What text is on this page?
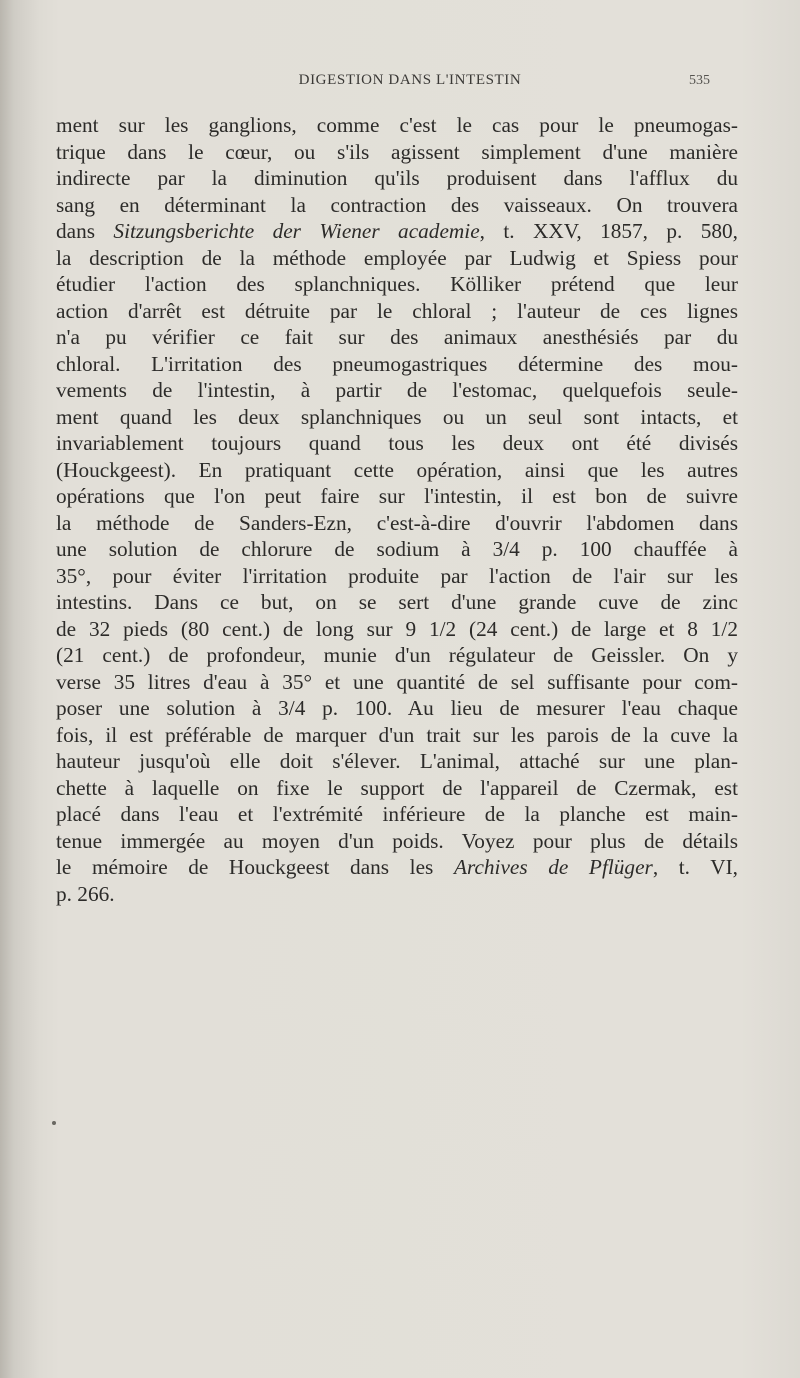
DIGESTION DANS L'INTESTIN	535
ment sur les ganglions, comme c'est le cas pour le pneumogas-
trique dans le cœur, ou s'ils agissent simplement d'une manière
indirecte par la diminution qu'ils produisent dans l'afflux du
sang en déterminant la contraction des vaisseaux. On trouvera
dans Sitzungsberichte der Wiener academie, t. XXV, 1857, p. 580,
la description de la méthode employée par Ludwig et Spiess pour
étudier l'action des splanchniques. Kölliker prétend que leur
action d'arrêt est détruite par le chloral ; l'auteur de ces lignes
n'a pu vérifier ce fait sur des animaux anesthésiés par du
chloral. L'irritation des pneumogastriques détermine des mou-
vements de l'intestin, à partir de l'estomac, quelquefois seule-
ment quand les deux splanchniques ou un seul sont intacts, et
invariablement toujours quand tous les deux ont été divisés
(Houckgeest). En pratiquant cette opération, ainsi que les autres
opérations que l'on peut faire sur l'intestin, il est bon de suivre
la méthode de Sanders-Ezn, c'est-à-dire d'ouvrir l'abdomen dans
une solution de chlorure de sodium à 3/4 p. 100 chauffée à
35°, pour éviter l'irritation produite par l'action de l'air sur les
intestins. Dans ce but, on se sert d'une grande cuve de zinc
de 32 pieds (80 cent.) de long sur 9 1/2 (24 cent.) de large et 8 1/2
(21 cent.) de profondeur, munie d'un régulateur de Geissler. On y
verse 35 litres d'eau à 35° et une quantité de sel suffisante pour com-
poser une solution à 3/4 p. 100. Au lieu de mesurer l'eau chaque
fois, il est préférable de marquer d'un trait sur les parois de la cuve la
hauteur jusqu'où elle doit s'élever. L'animal, attaché sur une plan-
chette à laquelle on fixe le support de l'appareil de Czermak, est
placé dans l'eau et l'extrémité inférieure de la planche est main-
tenue immergée au moyen d'un poids. Voyez pour plus de détails
le mémoire de Houckgeest dans les Archives de Pflüger, t. VI,
p. 266.
